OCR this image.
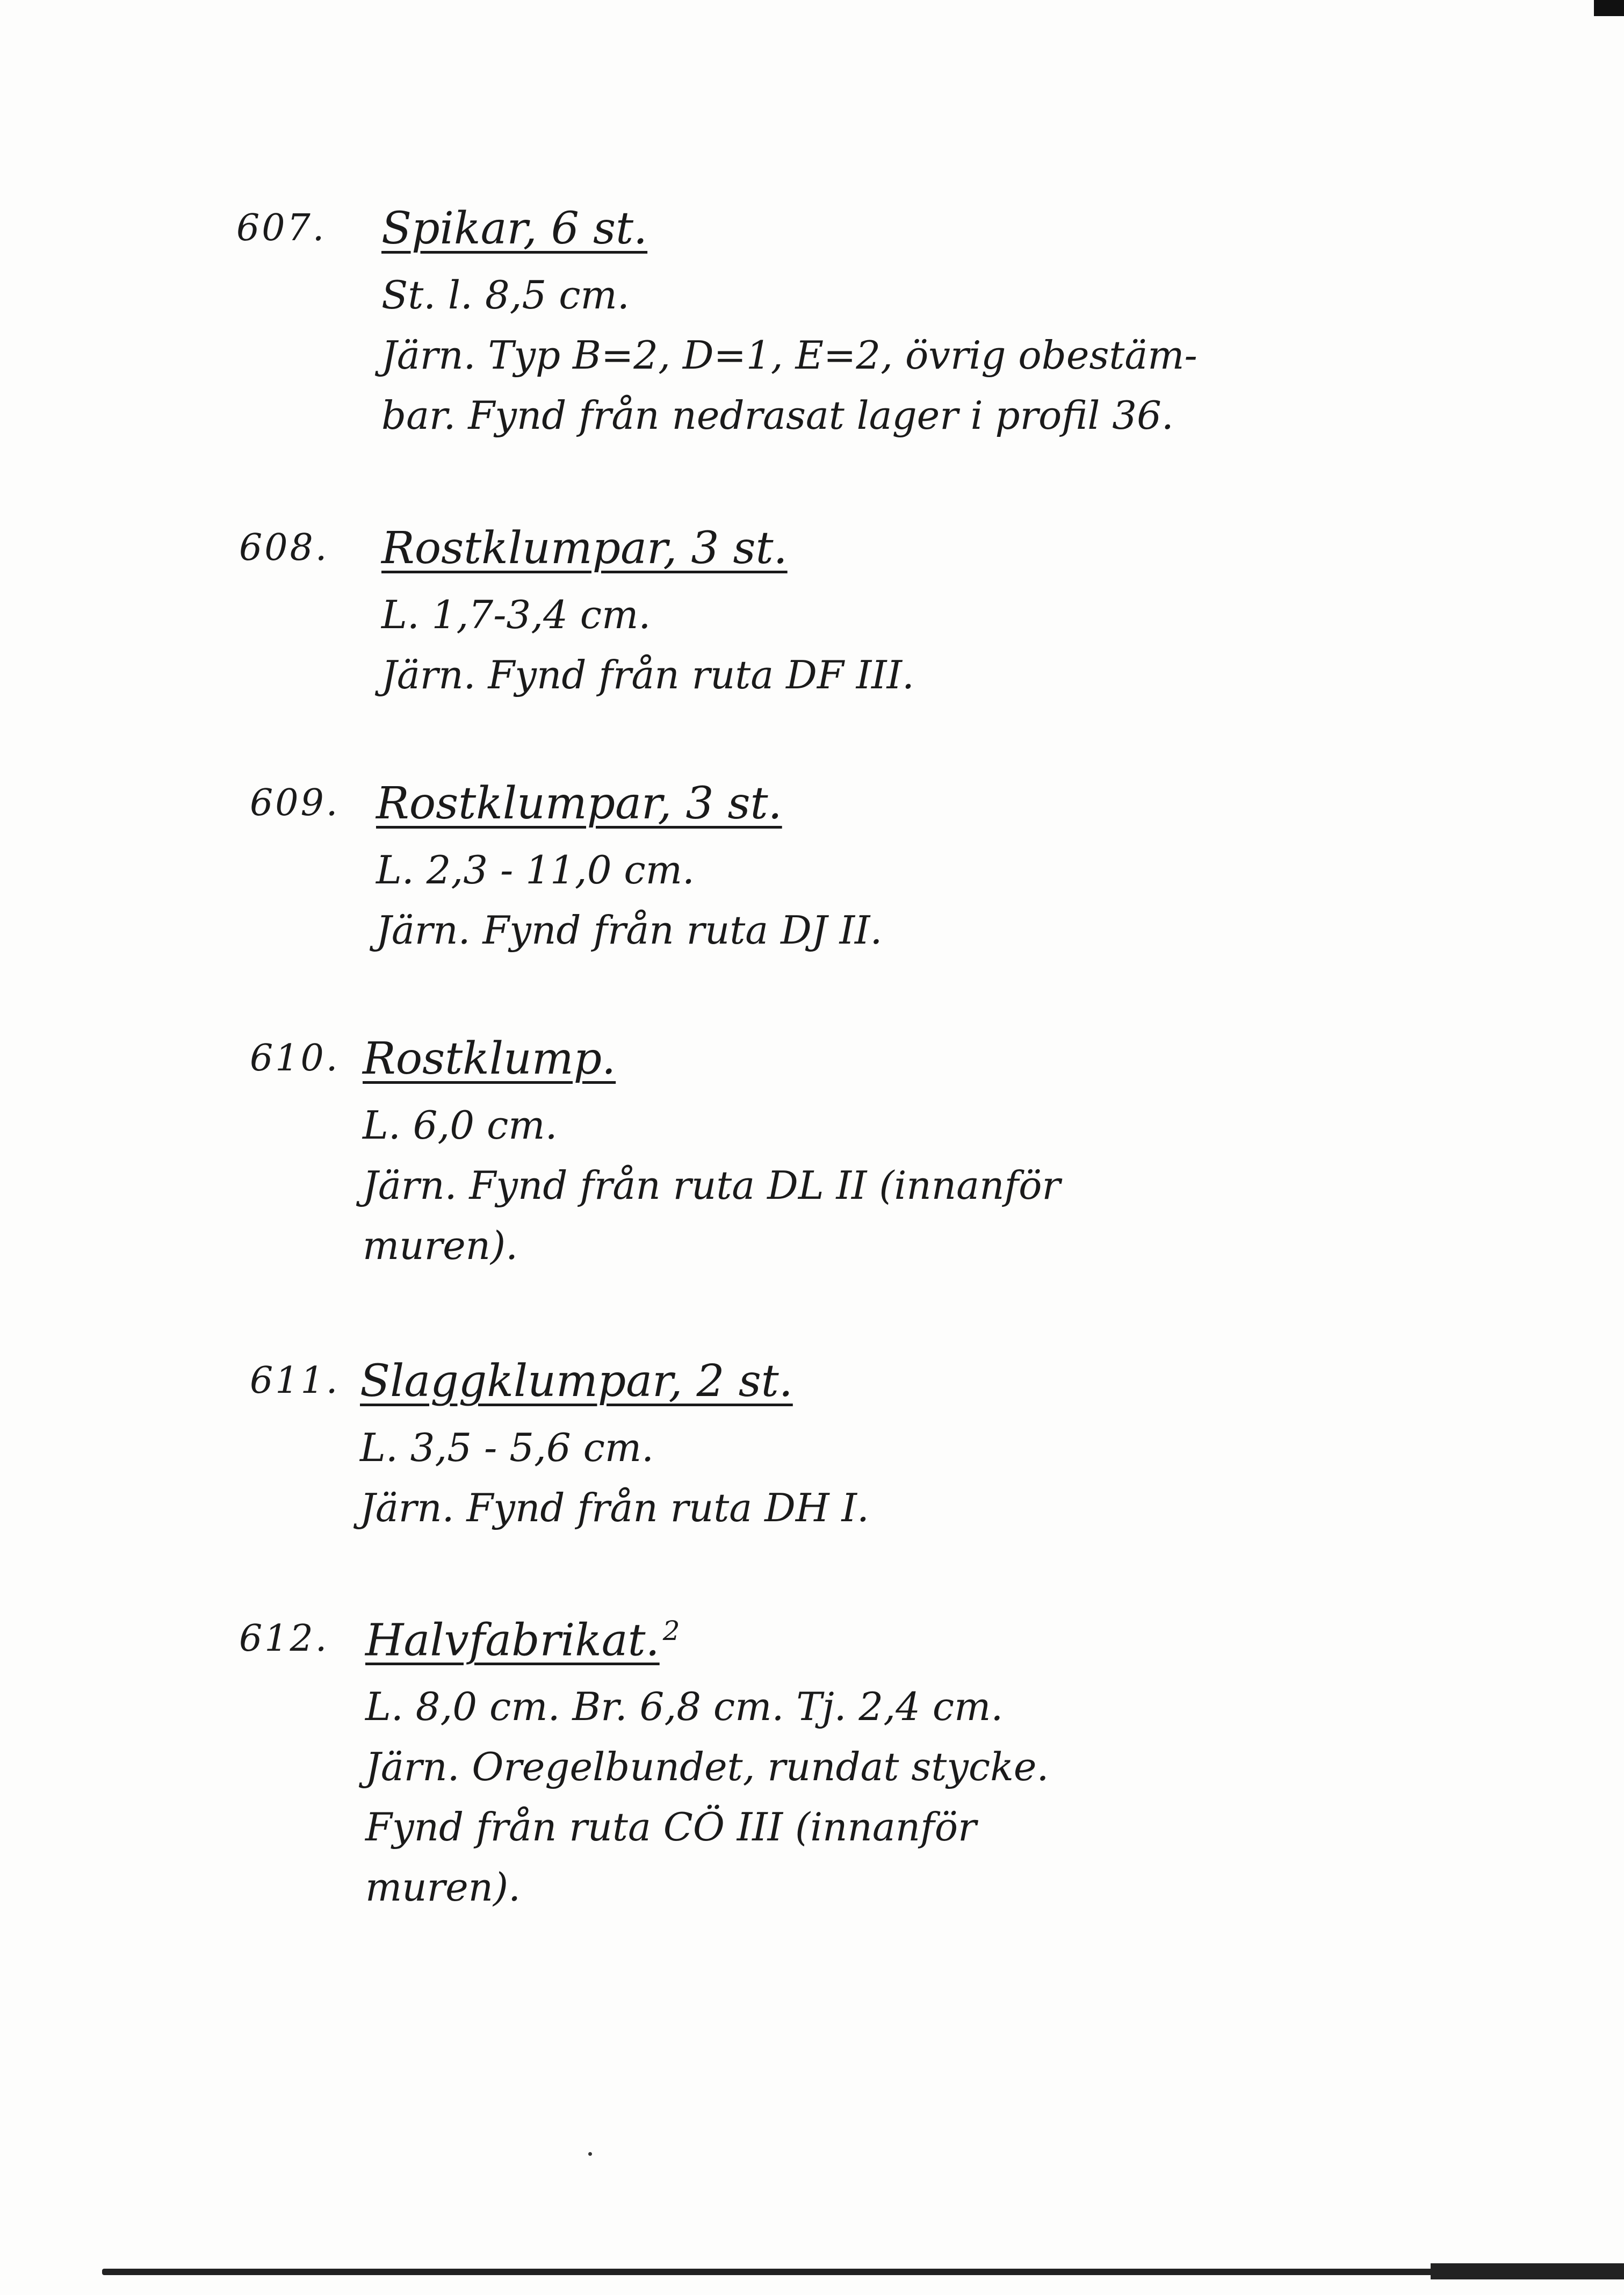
607. Spikar, 6 st.
St. l. 8,5 cm.
Järn. Typ B=2, D=1, E=2, övrig obestäm-
bar. Fynd från nedrasat lager i profil 36.
608. Rostklumpar, 3 st.
L. 1,7-3,4 cm.
Järn. Fynd från ruta DF III.
609. Rostklumpar, 3 st.
L. 2,3 - 11,0 cm.
Järn. Fynd från ruta DJ II.
610. Rostklump.
L. 6,0 cm.
Järn. Fynd från ruta DL II (innanför
muren).
611. Slaggklumpar, 2 st.
L. 3,5 - 5,6 cm.
Järn. Fynd från ruta DH I.
612. Halvfabrikat. $^2$
L. 8,0 cm. Br. 6,8 cm. Tj. 2,4 cm.
Järn. Oregelbundet, rundat stycke.
Fynd från ruta CÖ III (innanför
muren).
